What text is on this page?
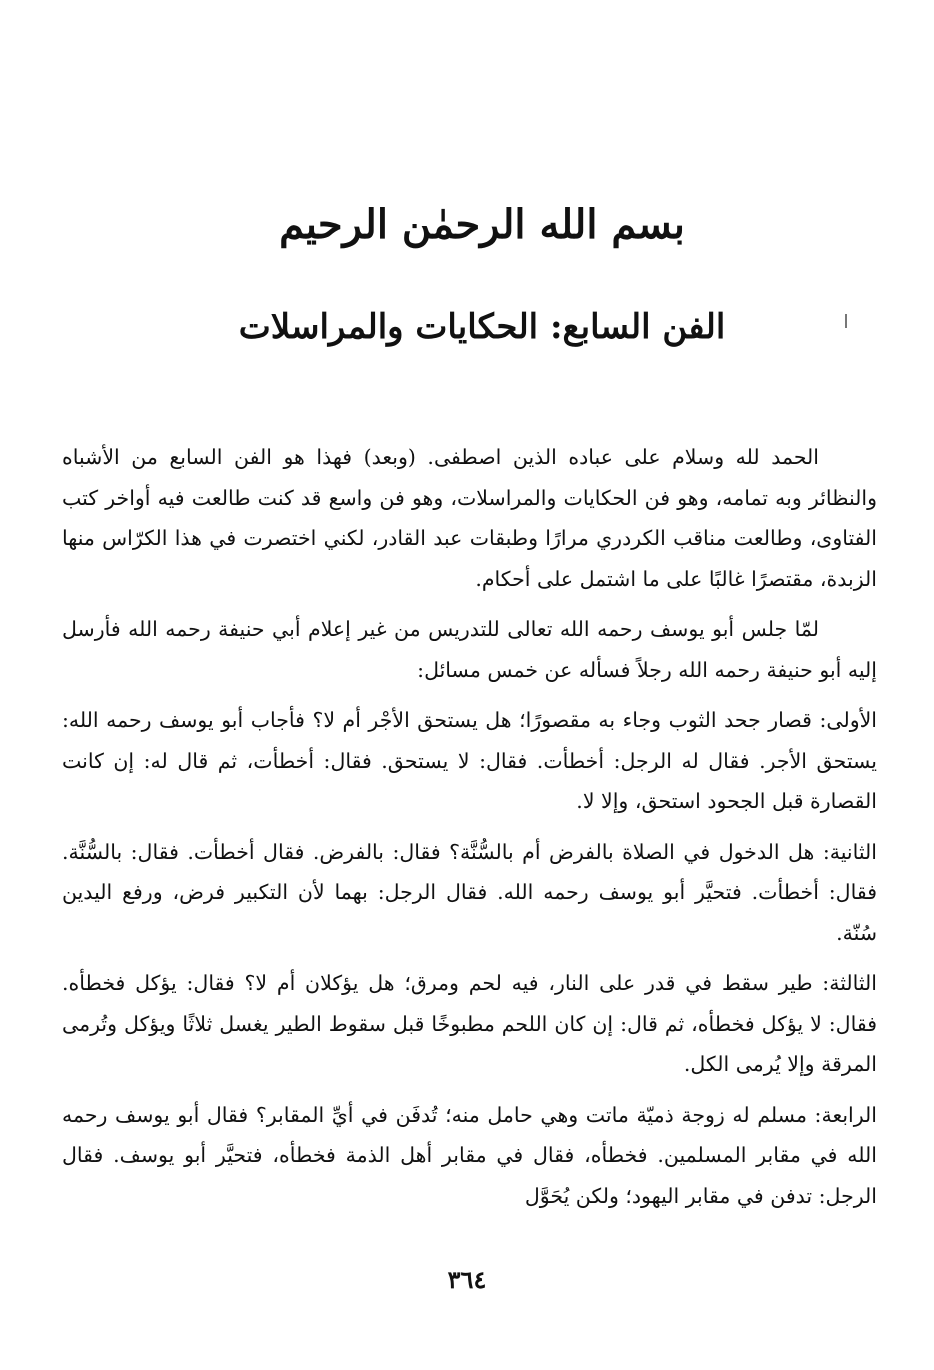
بسم الله الرحمٰن الرحيم
الفن السابع: الحكايات والمراسلات

الحمد لله وسلام على عباده الذين اصطفى. (وبعد) فهذا هو الفن السابع من الأشباه والنظائر وبه تمامه، وهو فن الحكايات والمراسلات، وهو فن واسع قد كنت طالعت فيه أواخر كتب الفتاوى، وطالعت مناقب الكردري مرارًا وطبقات عبد القادر، لكني اختصرت في هذا الكرّاس منها الزبدة، مقتصرًا غالبًا على ما اشتمل على أحكام.

لمّا جلس أبو يوسف رحمه الله تعالى للتدريس من غير إعلام أبي حنيفة رحمه الله فأرسل إليه أبو حنيفة رحمه الله رجلاً فسأله عن خمس مسائل:

الأولى: قصار جحد الثوب وجاء به مقصورًا؛ هل يستحق الأجْر أم لا؟ فأجاب أبو يوسف رحمه الله: يستحق الأجر. فقال له الرجل: أخطأت. فقال: لا يستحق. فقال: أخطأت، ثم قال له: إن كانت القصارة قبل الجحود استحق، وإلا لا.

الثانية: هل الدخول في الصلاة بالفرض أم بالسُّنَّة؟ فقال: بالفرض. فقال أخطأت. فقال: بالسُّنَّة. فقال: أخطأت. فتحيَّر أبو يوسف رحمه الله. فقال الرجل: بهما لأن التكبير فرض، ورفع اليدين سُنّة.

الثالثة: طير سقط في قدر على النار، فيه لحم ومرق؛ هل يؤكلان أم لا؟ فقال: يؤكل فخطأه. فقال: لا يؤكل فخطأه، ثم قال: إن كان اللحم مطبوخًا قبل سقوط الطير يغسل ثلاثًا ويؤكل وتُرمى المرقة وإلا يُرمى الكل.

الرابعة: مسلم له زوجة ذميّة ماتت وهي حامل منه؛ تُدفَن في أيِّ المقابر؟ فقال أبو يوسف رحمه الله في مقابر المسلمين. فخطأه، فقال في مقابر أهل الذمة فخطأه، فتحيَّر أبو يوسف. فقال الرجل: تدفن في مقابر اليهود؛ ولكن يُحَوَّل

٣٦٤
